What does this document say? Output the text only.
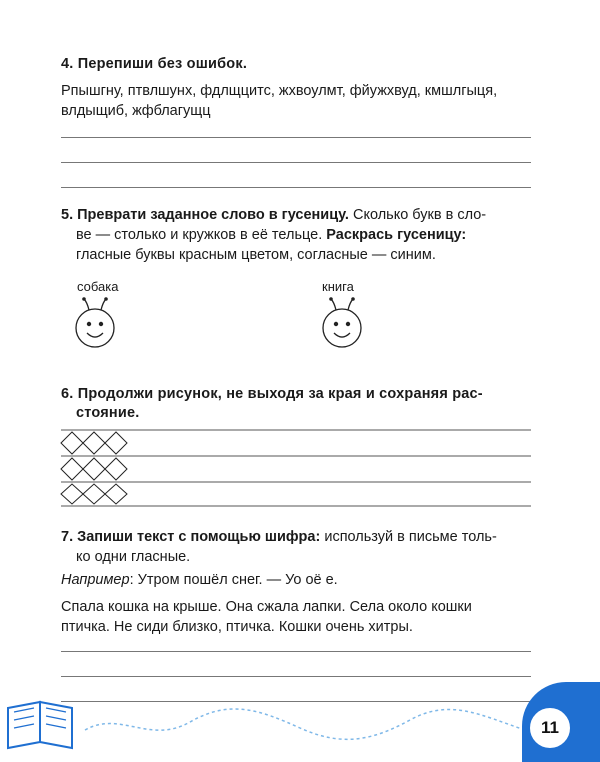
4. Перепиши без ошибок.
Рпышгну, птвлшунх, фдлщцитс, жхвоулмт, фйужхвуд, кмшлгыця,
влдыщиб, жфблагущц
5. Преврати заданное слово в гусеницу. Сколько букв в сло-
ве — столько и кружков в её тельце. Раскрась гусеницу:
гласные буквы красным цветом, согласные — синим.
собака	книга
6. Продолжи рисунок, не выходя за края и сохраняя рас-
стояние.
7. Запиши текст с помощью шифра: используй в письме толь-
ко одни гласные.
Например: Утром пошёл снег. — Уо оё е.
Спала кошка на крыше. Она сжала лапки. Села около кошки
птичка. Не сиди близко, птичка. Кошки очень хитры.
11
